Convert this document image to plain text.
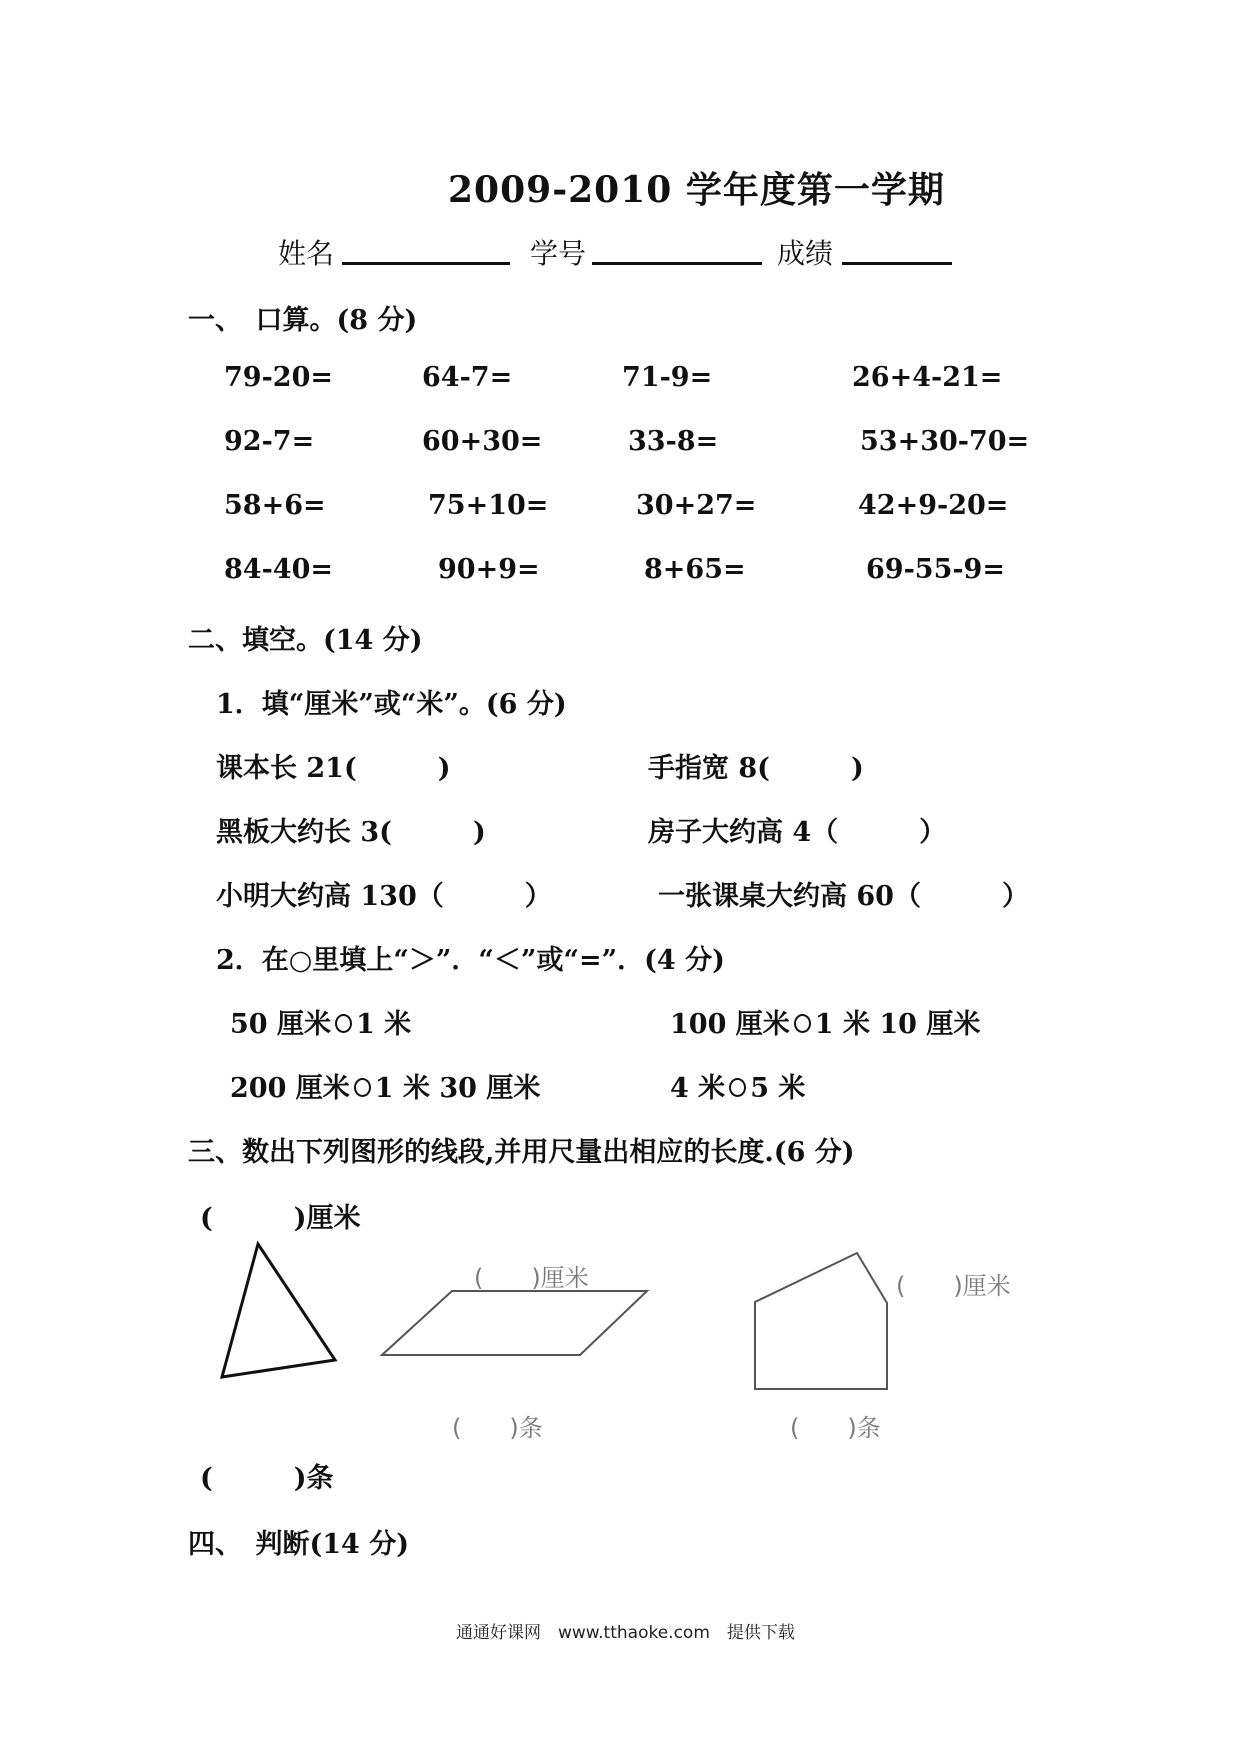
2009-2010 学年度第一学期
姓名	学号	成绩
一、　口算。(8 分)
79-20=	64-7=	71-9=	26+4-21=
92-7=	60+30=	33-8=	53+30-70=
58+6=	75+10=	30+27=	42+9-20=
84-40=	90+9=	8+65=	69-55-9=
二、填空。(14 分)
1．填“厘米”或“米”。(6 分)
课本长 21(　　　)	手指宽 8(　　　)
黑板大约长 3(　　　)	房子大约高 4（　　　）
小明大约高 130（　　　）	一张课桌大约高 60（　　　）
2．在○里填上“＞”．“＜”或“=”．(4 分)
50 厘米 1 米	100 厘米 1 米 10 厘米
200 厘米 1 米 30 厘米	4 米 5 米
三、数出下列图形的线段,并用尺量出相应的长度.(6 分)
(　　　)厘米
(　　)厘米	(　　)厘米
(　　)条	(　　)条
(　　　)条
四、　判断(14 分)
通通好课网　www.tthaoke.com　提供下载
